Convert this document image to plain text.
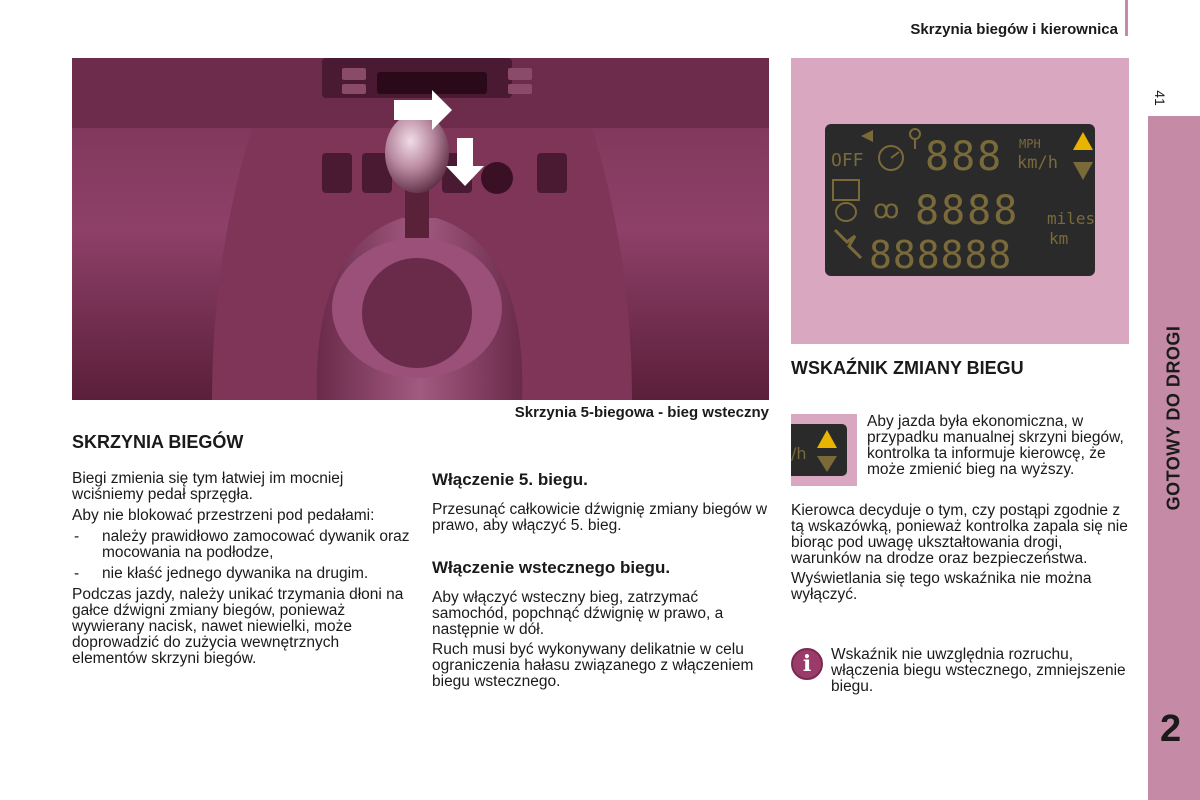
Skrzynia biegów i kierownica
41
GOTOWY DO DROGI
2
Skrzynia 5-biegowa - bieg wsteczny
OFF 888 MPH
km/h
ꝏ 8888 miles
888888 km
SKRZYNIA BIEGÓW

Biegi zmienia się tym łatwiej im mocniej wciśniemy pedał sprzęgła.

Aby nie blokować przestrzeni pod pedałami:

- należy prawidłowo zamocować dywanik oraz mocowania na podłodze,
- nie kłaść jednego dywanika na drugim.

Podczas jazdy, należy unikać trzymania dłoni na gałce dźwigni zmiany biegów, ponieważ wywierany nacisk, nawet niewielki, może doprowadzić do zużycia wewnętrznych elementów skrzyni biegów.

Włączenie 5. biegu.

Przesunąć całkowicie dźwignię zmiany biegów w prawo, aby włączyć 5. bieg.

Włączenie wstecznego biegu.

Aby włączyć wsteczny bieg, zatrzymać samochód, popchnąć dźwignię w prawo, a następnie w dół.

Ruch musi być wykonywany delikatnie w celu ograniczenia hałasu związanego z włączeniem biegu wstecznego.

WSKAŹNIK ZMIANY BIEGU
/h

Aby jazda była ekonomiczna, w przypadku manualnej skrzyni biegów, kontrolka ta informuje kierowcę, że może zmienić bieg na wyższy.

Kierowca decyduje o tym, czy postąpi zgodnie z tą wskazówką, ponieważ kontrolka zapala się nie biorąc pod uwagę ukształtowania drogi, warunków na drodze oraz bezpieczeństwa.

Wyświetlania się tego wskaźnika nie można wyłączyć.

i	Wskaźnik nie uwzględnia rozruchu, włączenia biegu wstecznego, zmniejszenie biegu.
